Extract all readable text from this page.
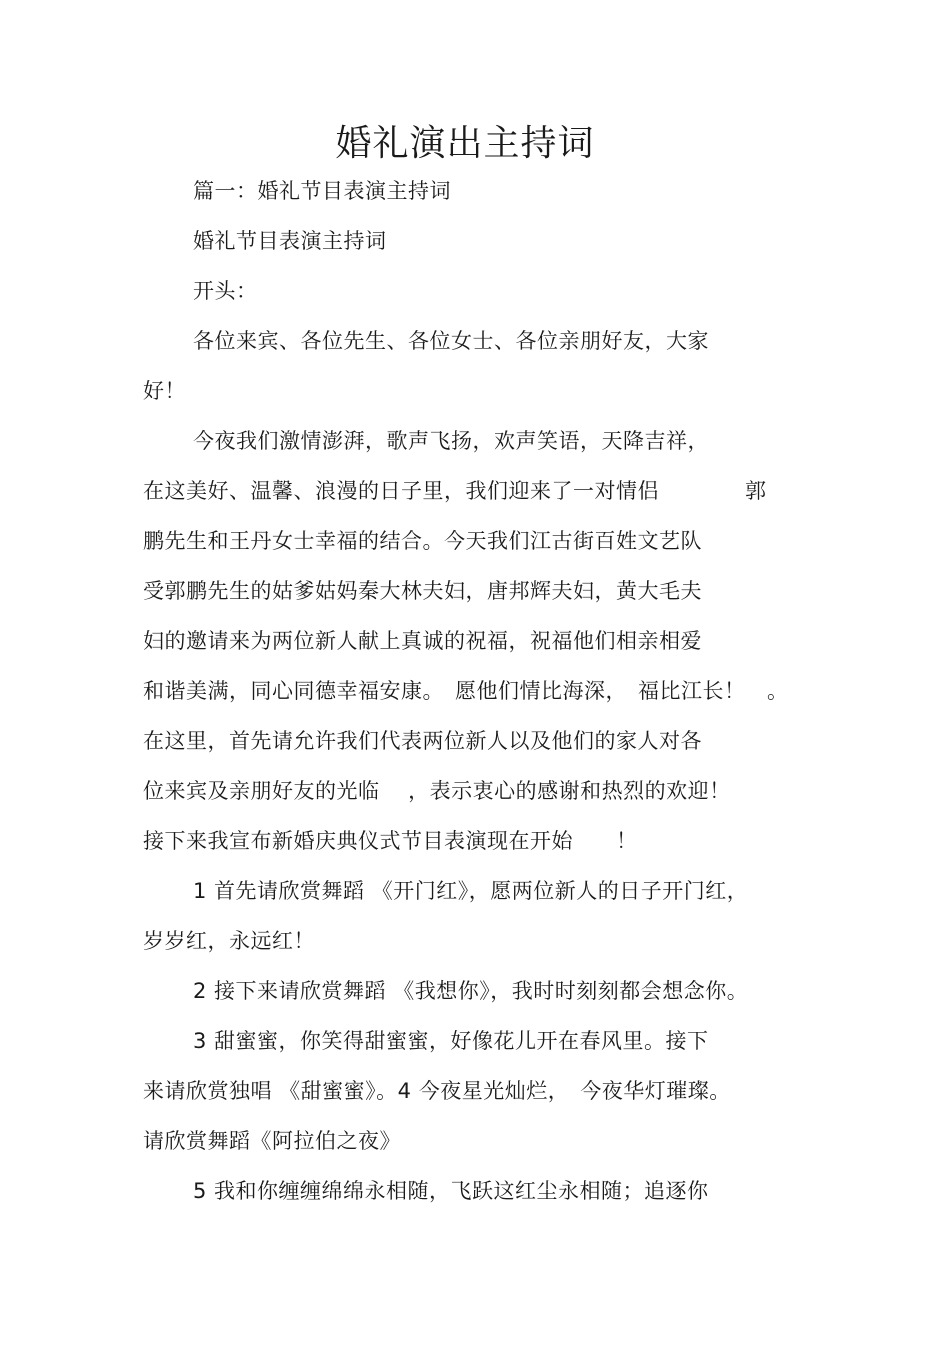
婚礼演出主持词
篇一：婚礼节目表演主持词
婚礼节目表演主持词
开头：
各位来宾、各位先生、各位女士、各位亲朋好友，大家
好！
今夜我们激情澎湃，歌声飞扬，欢声笑语，天降吉祥，
在这美好、温馨、浪漫的日子里，我们迎来了一对情侣　　　　郭
鹏先生和王丹女士幸福的结合。今天我们江古街百姓文艺队
受郭鹏先生的姑爹姑妈秦大林夫妇，唐邦辉夫妇，黄大毛夫
妇的邀请来为两位新人献上真诚的祝福，祝福他们相亲相爱
和谐美满，同心同德幸福安康。　愿他们情比海深，　福比江长！　。
在这里，首先请允许我们代表两位新人以及他们的家人对各
位来宾及亲朋好友的光临　 ，表示衷心的感谢和热烈的欢迎！
接下来我宣布新婚庆典仪式节目表演现在开始　　！
1 首先请欣赏舞蹈 《开门红》，愿两位新人的日子开门红，
岁岁红，永远红！
2 接下来请欣赏舞蹈 《我想你》，我时时刻刻都会想念你。
3 甜蜜蜜，你笑得甜蜜蜜，好像花儿开在春风里。接下
来请欣赏独唱 《甜蜜蜜》。4 今夜星光灿烂，　今夜华灯璀璨。
请欣赏舞蹈《阿拉伯之夜》
5 我和你缠缠绵绵永相随，飞跃这红尘永相随；追逐你
